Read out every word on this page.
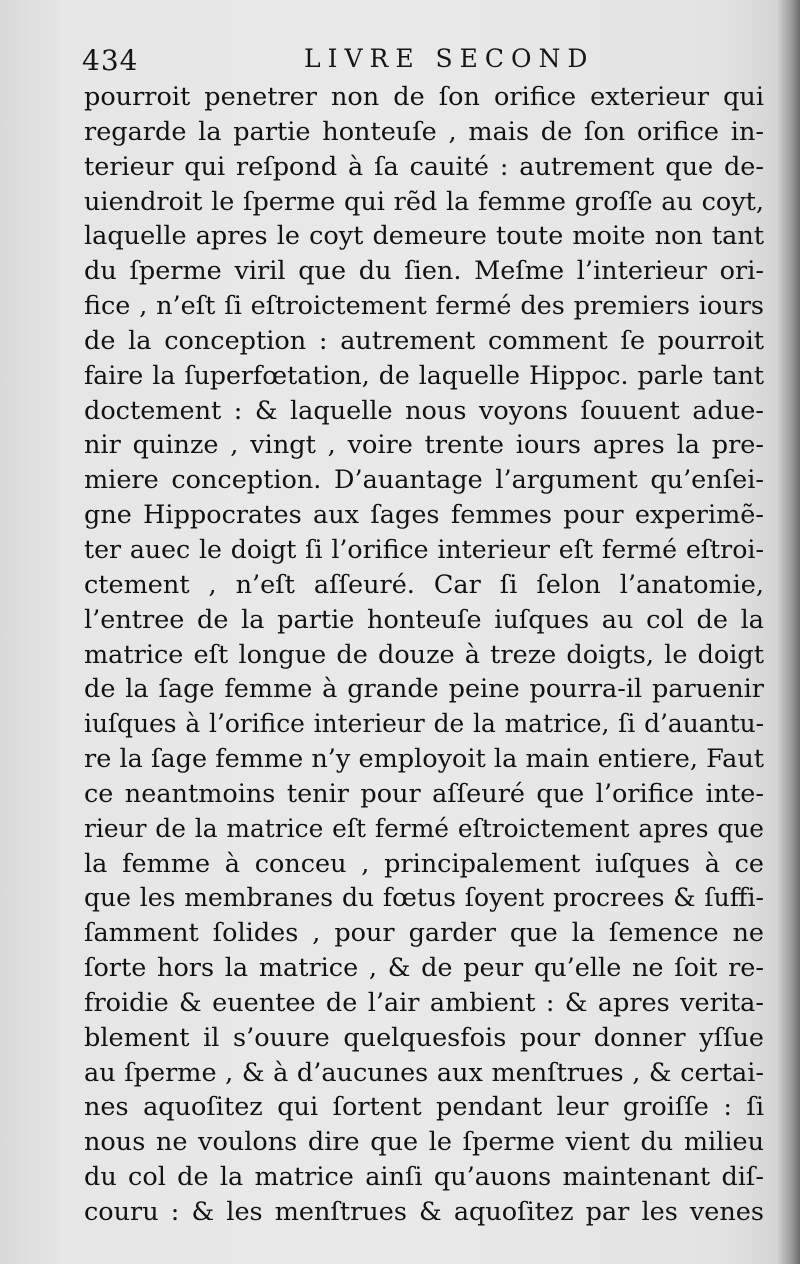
434	LIVRE SECOND
pourroit penetrer non de ſon orifice exterieur qui
regarde la partie honteuſe , mais de ſon orifice in-
terieur qui reſpond à ſa cauité : autrement que de-
uiendroit le ſperme qui rẽd la femme groſſe au coyt,
laquelle apres le coyt demeure toute moite non tant
du ſperme viril que du ſien. Meſme l’interieur ori-
fice , n’eſt ſi eſtroictement fermé des premiers iours
de la conception : autrement comment ſe pourroit
faire la ſuperfœtation, de laquelle Hippoc. parle tant
doctement : & laquelle nous voyons ſouuent adue-
nir quinze , vingt , voire trente iours apres la pre-
miere conception. D’auantage l’argument qu’enſei-
gne Hippocrates aux ſages femmes pour experimẽ-
ter auec le doigt ſi l’orifice interieur eſt fermé eſtroi-
ctement , n’eſt aſſeuré. Car ſi ſelon l’anatomie,
l’entree de la partie honteuſe iuſques au col de la
matrice eſt longue de douze à treze doigts, le doigt
de la ſage femme à grande peine pourra-il paruenir
iuſques à l’orifice interieur de la matrice, ſi d’auantu-
re la ſage femme n’y employoit la main entiere, Faut
ce neantmoins tenir pour aſſeuré que l’orifice inte-
rieur de la matrice eſt fermé eſtroictement apres que
la femme à conceu , principalement iuſques à ce
que les membranes du fœtus ſoyent procrees & ſuffi-
ſamment ſolides , pour garder que la ſemence ne
ſorte hors la matrice , & de peur qu’elle ne ſoit re-
froidie & euentee de l’air ambient : & apres verita-
blement il s’ouure quelquesfois pour donner yſſue
au ſperme , & à d’aucunes aux menſtrues , & certai-
nes aquoſitez qui ſortent pendant leur groiſſe : ſi
nous ne voulons dire que le ſperme vient du milieu
du col de la matrice ainſi qu’auons maintenant diſ-
couru : & les menſtrues & aquoſitez par les venes
